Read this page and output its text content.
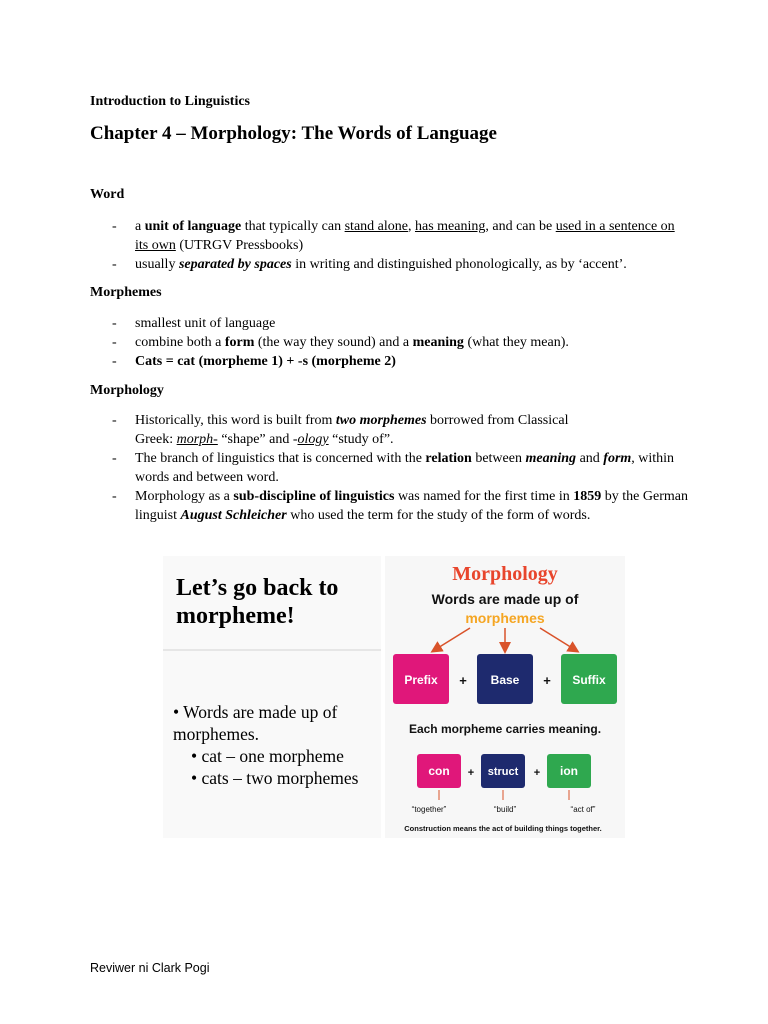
Introduction to Linguistics
Chapter 4 – Morphology: The Words of Language
Word
- a unit of language that typically can stand alone, has meaning, and can be used in a sentence on its own (UTRGV Pressbooks)
- usually separated by spaces in writing and distinguished phonologically, as by ‘accent’.
Morphemes
- smallest unit of language
- combine both a form (the way they sound) and a meaning (what they mean).
- Cats = cat (morpheme 1) + -s (morpheme 2)
Morphology
- Historically, this word is built from two morphemes borrowed from Classical Greek: morph- “shape” and -ology “study of”.
- The branch of linguistics that is concerned with the relation between meaning and form, within words and between word.
- Morphology as a sub-discipline of linguistics was named for the first time in 1859 by the German linguist August Schleicher who used the term for the study of the form of words.
Let’s go back to morpheme!
• Words are made up of morphemes.
• cat – one morpheme
• cats – two morphemes
Morphology
Words are made up of
morphemes
Prefix + Base + Suffix
Each morpheme carries meaning.
con + struct + ion
“together”	“build”	“act of”
Construction means the act of building things together.
Reviwer ni Clark Pogi
